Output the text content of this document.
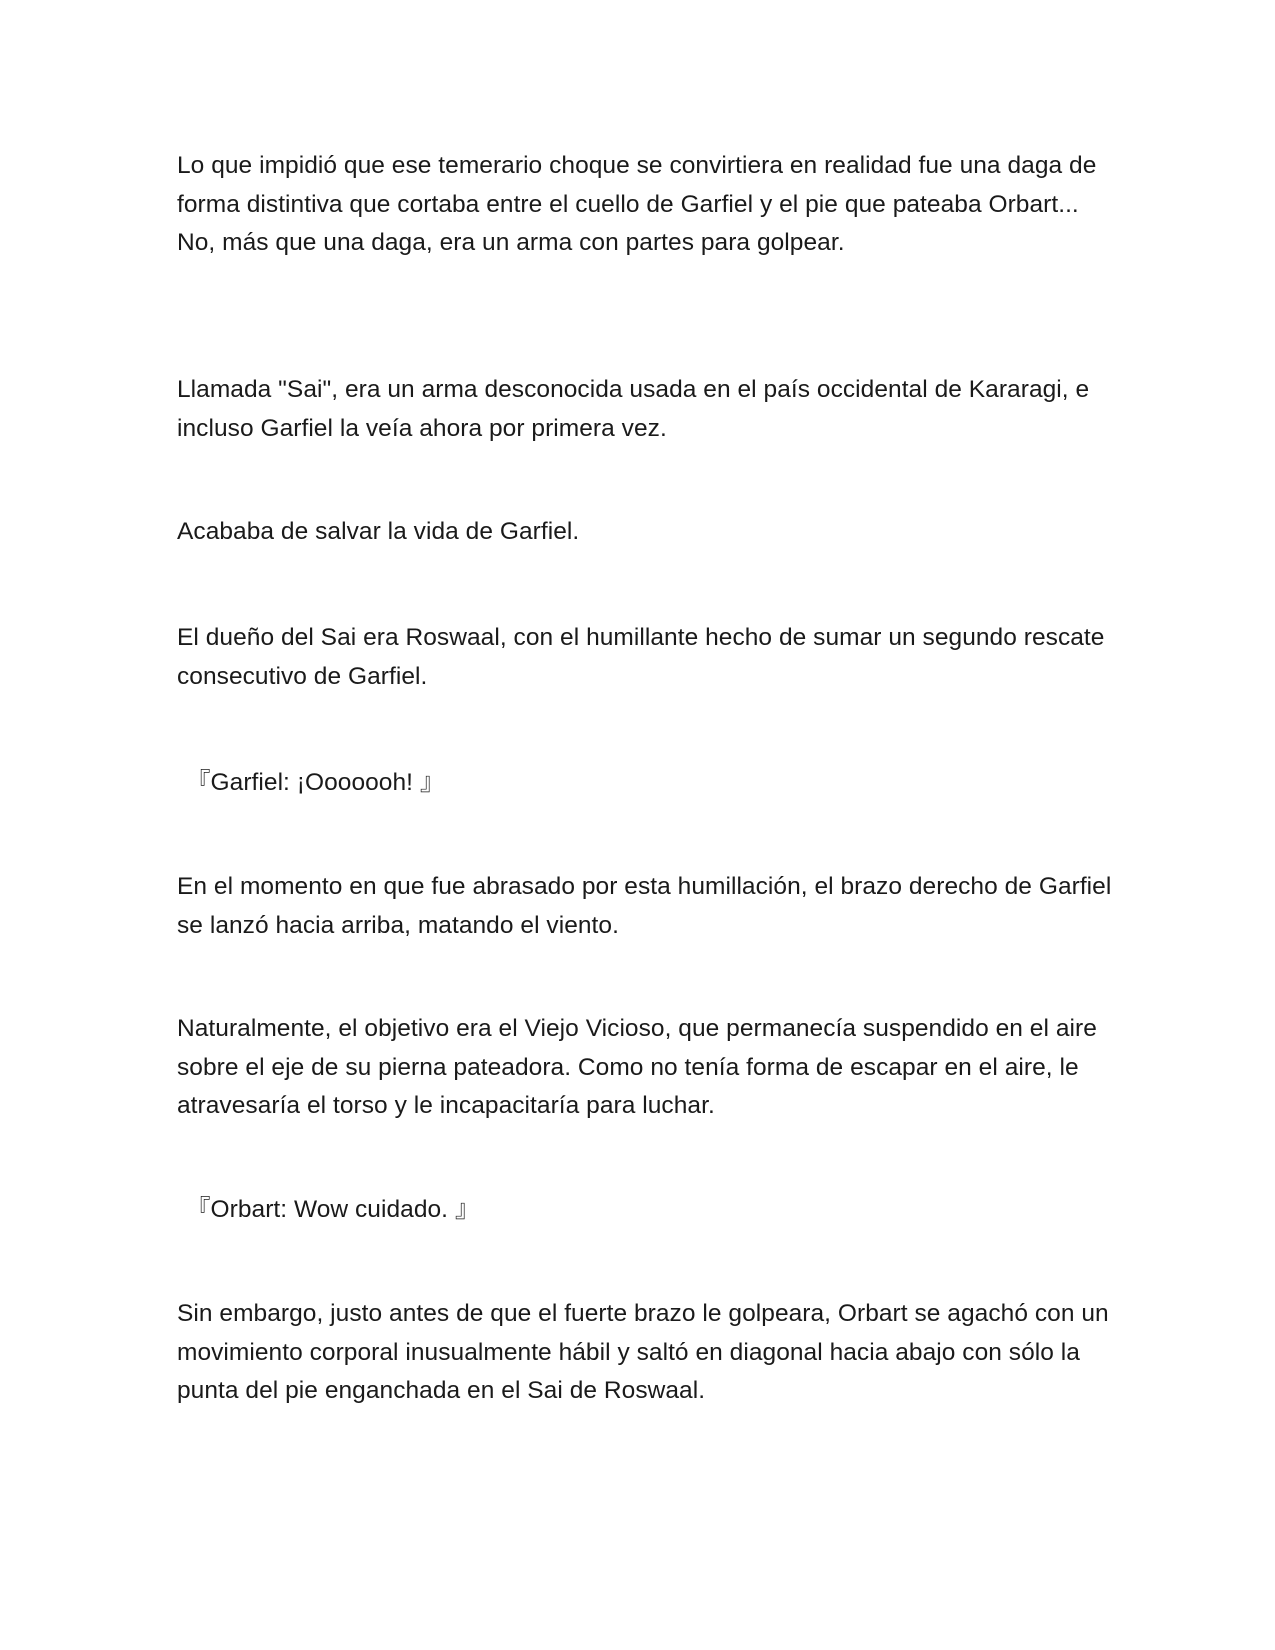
Lo que impidió que ese temerario choque se convirtiera en realidad fue una daga de forma distintiva que cortaba entre el cuello de Garfiel y el pie que pateaba Orbart... No, más que una daga, era un arma con partes para golpear.

Llamada "Sai", era un arma desconocida usada en el país occidental de Kararagi, e incluso Garfiel la veía ahora por primera vez.

Acababa de salvar la vida de Garfiel.

El dueño del Sai era Roswaal, con el humillante hecho de sumar un segundo rescate consecutivo de Garfiel.

『Garfiel: ¡Ooooooh! 』

En el momento en que fue abrasado por esta humillación, el brazo derecho de Garfiel se lanzó hacia arriba, matando el viento.

Naturalmente, el objetivo era el Viejo Vicioso, que permanecía suspendido en el aire sobre el eje de su pierna pateadora. Como no tenía forma de escapar en el aire, le atravesaría el torso y le incapacitaría para luchar.

『Orbart: Wow cuidado. 』

Sin embargo, justo antes de que el fuerte brazo le golpeara, Orbart se agachó con un movimiento corporal inusualmente hábil y saltó en diagonal hacia abajo con sólo la punta del pie enganchada en el Sai de Roswaal.
